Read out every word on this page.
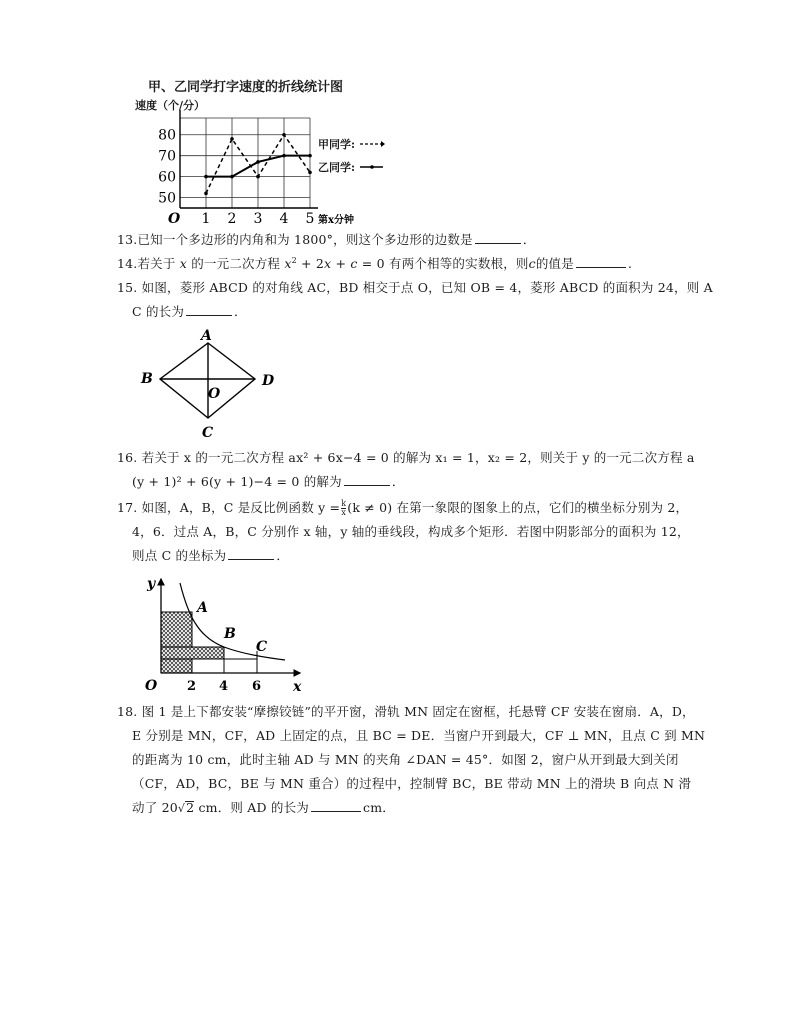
甲、乙同学打字速度的折线统计图
速度（个/分）
50
60
70
80
1 2 3 4 5
O	第x分钟
甲同学:
乙同学:
13.已知一个多边形的内角和为 1800°，则这个多边形的边数是	．
14.若关于 x 的一元二次方程 $x^2 + 2x + c = 0$ 有两个相等的实数根，则c的值是	.
15. 如图，菱形 ABCD 的对角线 AC，BD 相交于点 O，已知 OB = 4，菱形 ABCD 的面积为 24，则 A
C 的长为	．
A
B	D
O
C
16. 若关于 x 的一元二次方程 ax² + 6x−4 = 0 的解为 x₁ = 1，x₂ = 2，则关于 y 的一元二次方程 a
(y + 1)² + 6(y + 1)−4 = 0 的解为	．
17. 如图，A，B，C 是反比例函数 $y = \frac{k}{x} (k \ne 0)$ 在第一象限的图象上的点，它们的横坐标分别为 2，
4，6．过点 A，B，C 分别作 x 轴，y 轴的垂线段，构成多个矩形．若图中阴影部分的面积为 12，
则点 C 的坐标为	．
y
x
O
A
B
C
2 4 6
18. 图 1 是上下都安装“摩擦铰链”的平开窗，滑轨 MN 固定在窗框，托悬臂 CF 安装在窗扇．A，D，
E 分别是 MN，CF，AD 上固定的点，且 BC = DE．当窗户开到最大，CF ⊥ MN，且点 C 到 MN
的距离为 10 cm，此时主轴 AD 与 MN 的夹角 ∠DAN = 45°．如图 2，窗户从开到最大到关闭
（CF，AD，BC，BE 与 MN 重合）的过程中，控制臂 BC，BE 带动 MN 上的滑块 B 向点 N 滑
动了 20√2 cm．则 AD 的长为	cm．
